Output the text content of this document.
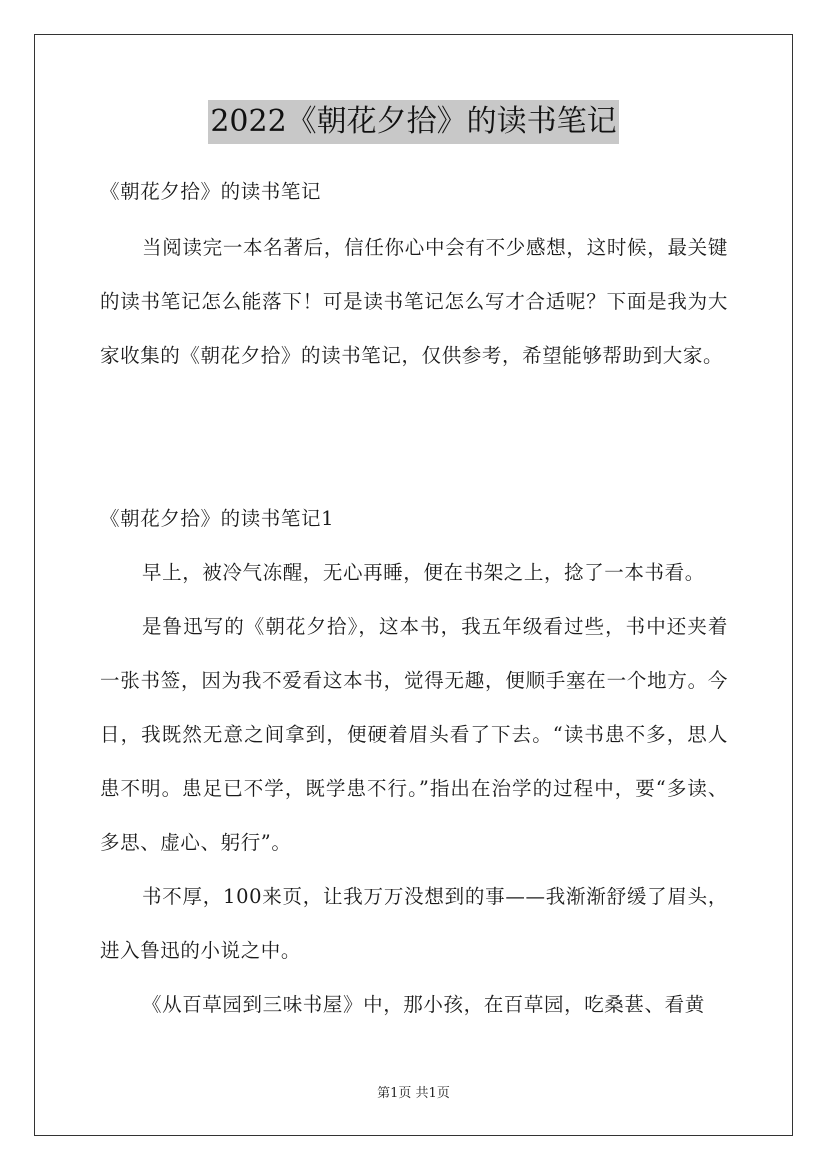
2022《朝花夕拾》的读书笔记
《朝花夕拾》的读书笔记

当阅读完一本名著后，信任你心中会有不少感想，这时候，最关键的读书笔记怎么能落下！可是读书笔记怎么写才合适呢？下面是我为大家收集的《朝花夕拾》的读书笔记，仅供参考，希望能够帮助到大家。

《朝花夕拾》的读书笔记1

早上，被冷气冻醒，无心再睡，便在书架之上，捻了一本书看。

是鲁迅写的《朝花夕拾》，这本书，我五年级看过些，书中还夹着一张书签，因为我不爱看这本书，觉得无趣，便顺手塞在一个地方。今日，我既然无意之间拿到，便硬着眉头看了下去。“读书患不多，思人患不明。患足已不学，既学患不行。”指出在治学的过程中，要“多读、多思、虚心、躬行”。

书不厚，100来页，让我万万没想到的事——我渐渐舒缓了眉头，进入鲁迅的小说之中。

《从百草园到三味书屋》中，那小孩，在百草园，吃桑葚、看黄

第1页 共1页
